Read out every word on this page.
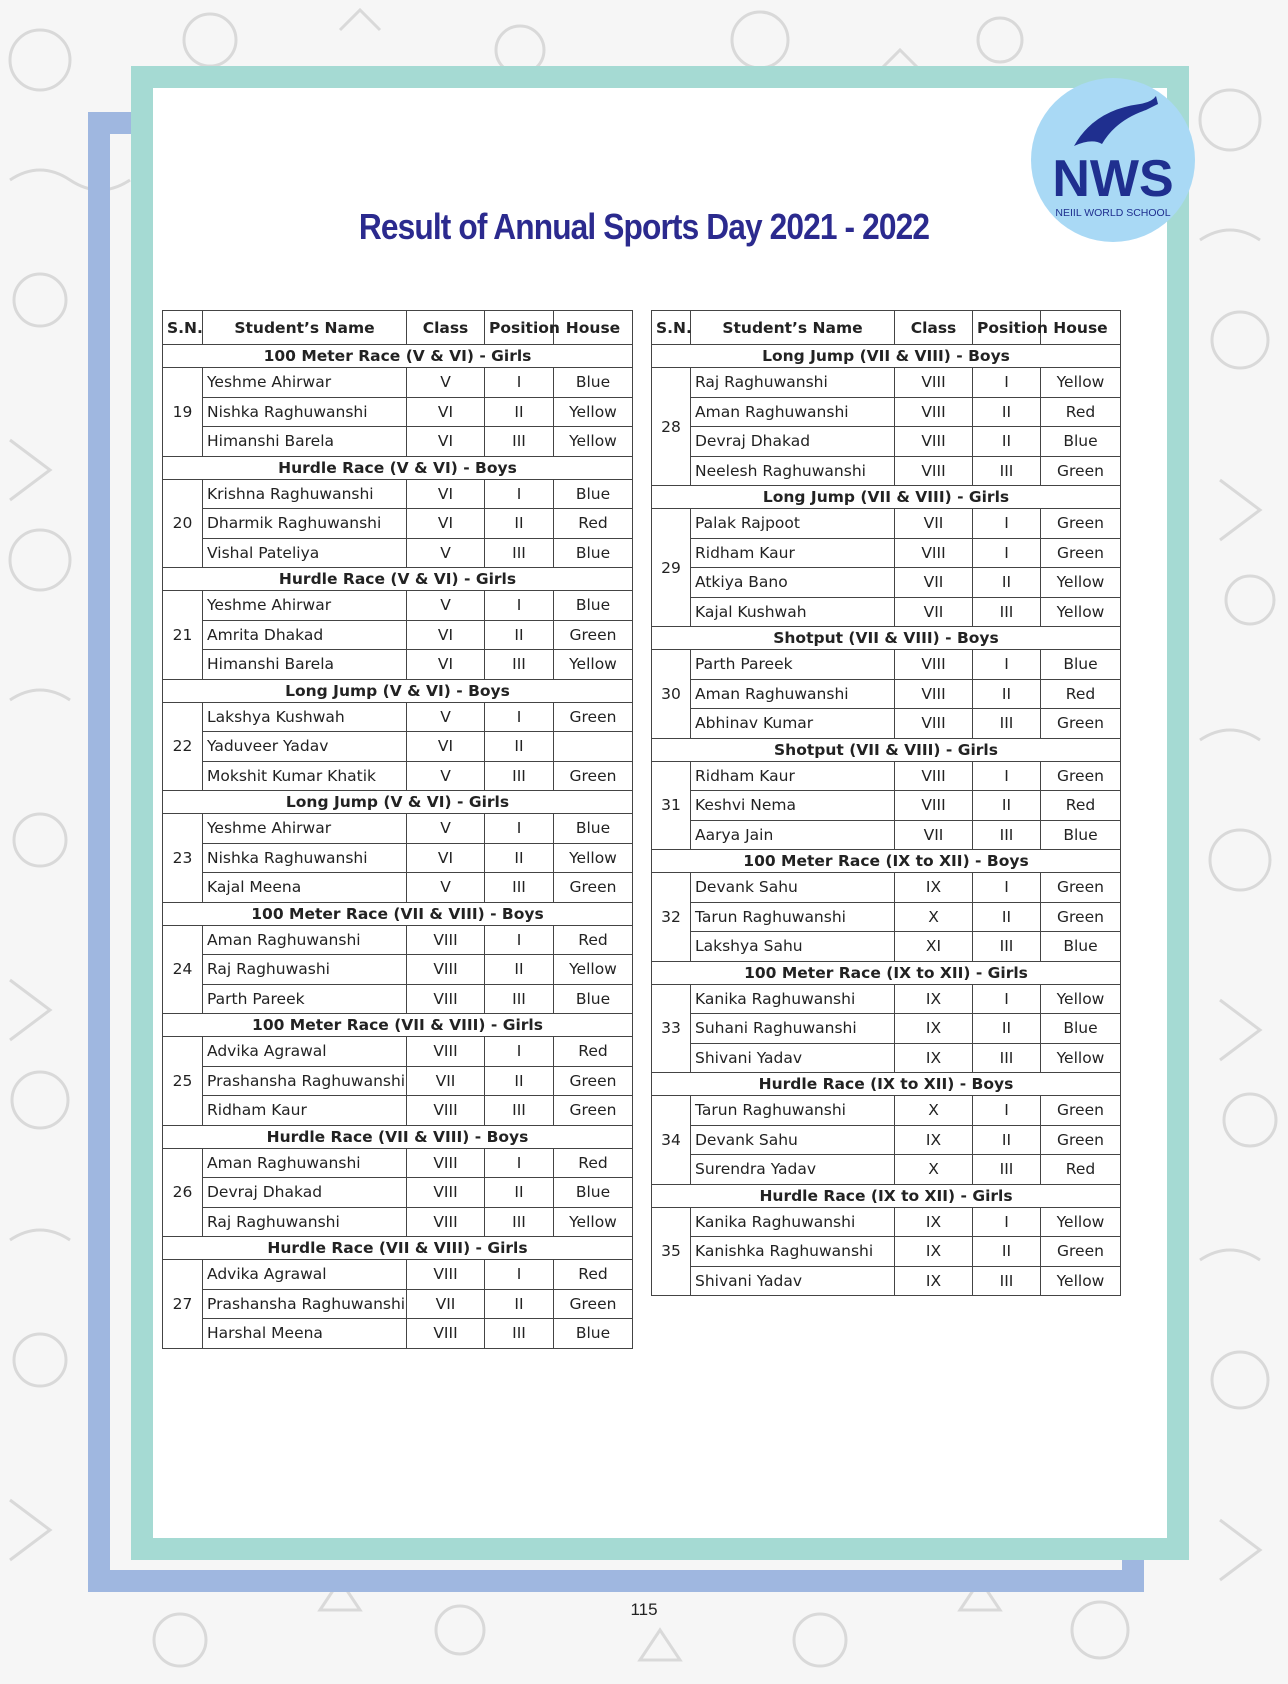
NWS
NEIIL WORLD SCHOOL
Result of Annual Sports Day 2021 - 2022
S.N.	Student’s Name	Class	Position	House
100 Meter Race (V & VI) - Girls				
19	Yeshme Ahirwar	V	I	Blue
	Nishka Raghuwanshi	VI	II	Yellow
	Himanshi Barela	VI	III	Yellow
Hurdle Race (V & VI) - Boys				
20	Krishna Raghuwanshi	VI	I	Blue
	Dharmik Raghuwanshi	VI	II	Red
	Vishal Pateliya	V	III	Blue
Hurdle Race (V & VI) - Girls				
21	Yeshme Ahirwar	V	I	Blue
	Amrita Dhakad	VI	II	Green
	Himanshi Barela	VI	III	Yellow
Long Jump (V & VI) - Boys				
22	Lakshya Kushwah	V	I	Green
	Yaduveer Yadav	VI	II	
	Mokshit Kumar Khatik	V	III	Green
Long Jump (V & VI) - Girls				
23	Yeshme Ahirwar	V	I	Blue
	Nishka Raghuwanshi	VI	II	Yellow
	Kajal Meena	V	III	Green
100 Meter Race (VII & VIII) - Boys				
24	Aman Raghuwanshi	VIII	I	Red
	Raj Raghuwashi	VIII	II	Yellow
	Parth Pareek	VIII	III	Blue
100 Meter Race (VII & VIII) - Girls				
25	Advika Agrawal	VIII	I	Red
	Prashansha Raghuwanshi	VII	II	Green
	Ridham Kaur	VIII	III	Green
Hurdle Race (VII & VIII) - Boys				
26	Aman Raghuwanshi	VIII	I	Red
	Devraj Dhakad	VIII	II	Blue
	Raj Raghuwanshi	VIII	III	Yellow
Hurdle Race (VII & VIII) - Girls				
27	Advika Agrawal	VIII	I	Red
	Prashansha Raghuwanshi	VII	II	Green
	Harshal Meena	VIII	III	Blue
S.N.	Student’s Name	Class	Position	House
Long Jump (VII & VIII) - Boys				
28	Raj Raghuwanshi	VIII	I	Yellow
	Aman Raghuwanshi	VIII	II	Red
	Devraj Dhakad	VIII	II	Blue
	Neelesh Raghuwanshi	VIII	III	Green
Long Jump (VII & VIII) - Girls				
29	Palak Rajpoot	VII	I	Green
	Ridham Kaur	VIII	I	Green
	Atkiya Bano	VII	II	Yellow
	Kajal Kushwah	VII	III	Yellow
Shotput (VII & VIII) - Boys				
30	Parth Pareek	VIII	I	Blue
	Aman Raghuwanshi	VIII	II	Red
	Abhinav Kumar	VIII	III	Green
Shotput (VII & VIII) - Girls				
31	Ridham Kaur	VIII	I	Green
	Keshvi Nema	VIII	II	Red
	Aarya Jain	VII	III	Blue
100 Meter Race (IX to XII) - Boys				
32	Devank Sahu	IX	I	Green
	Tarun Raghuwanshi	X	II	Green
	Lakshya Sahu	XI	III	Blue
100 Meter Race (IX to XII) - Girls				
33	Kanika Raghuwanshi	IX	I	Yellow
	Suhani Raghuwanshi	IX	II	Blue
	Shivani Yadav	IX	III	Yellow
Hurdle Race (IX to XII) - Boys				
34	Tarun Raghuwanshi	X	I	Green
	Devank Sahu	IX	II	Green
	Surendra Yadav	X	III	Red
Hurdle Race (IX to XII) - Girls				
35	Kanika Raghuwanshi	IX	I	Yellow
	Kanishka Raghuwanshi	IX	II	Green
	Shivani Yadav	IX	III	Yellow
115
